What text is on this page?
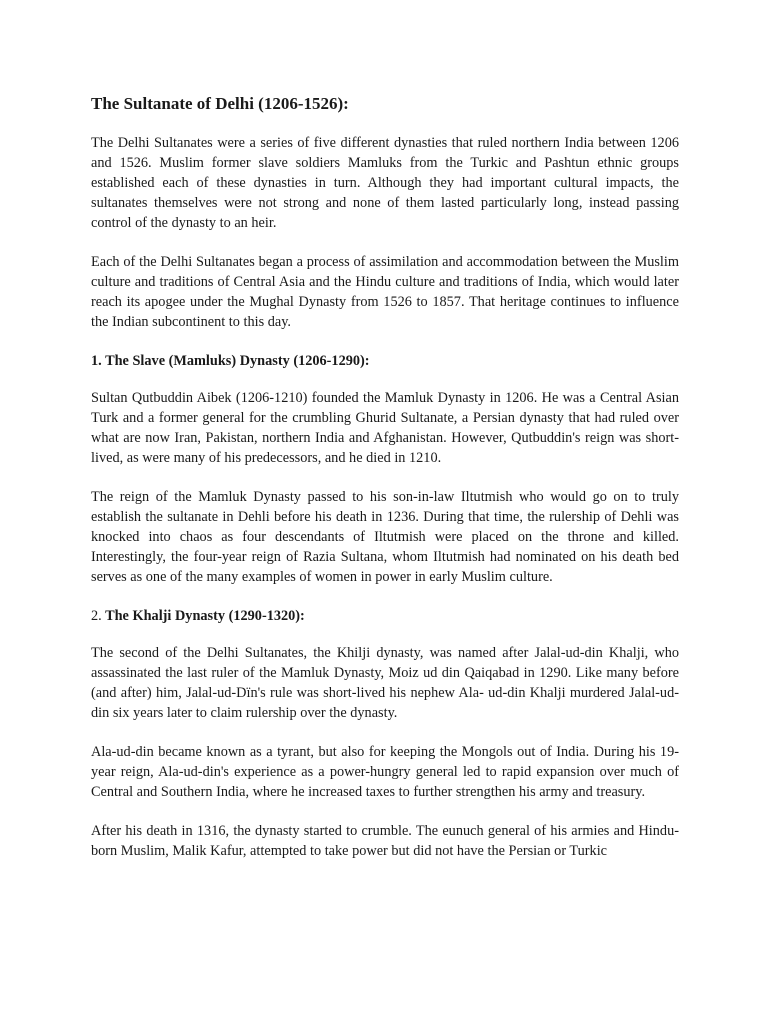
The Sultanate of Delhi (1206-1526):

The Delhi Sultanates were a series of five different dynasties that ruled northern India between 1206 and 1526. Muslim former slave soldiers Mamluks from the Turkic and Pashtun ethnic groups established each of these dynasties in turn. Although they had important cultural impacts, the sultanates themselves were not strong and none of them lasted particularly long, instead passing control of the dynasty to an heir.

Each of the Delhi Sultanates began a process of assimilation and accommodation between the Muslim culture and traditions of Central Asia and the Hindu culture and traditions of India, which would later reach its apogee under the Mughal Dynasty from 1526 to 1857. That heritage continues to influence the Indian subcontinent to this day.

1. The Slave (Mamluks) Dynasty (1206-1290):

Sultan Qutbuddin Aibek (1206-1210) founded the Mamluk Dynasty in 1206. He was a Central Asian Turk and a former general for the crumbling Ghurid Sultanate, a Persian dynasty that had ruled over what are now Iran, Pakistan, northern India and Afghanistan. However, Qutbuddin's reign was short-lived, as were many of his predecessors, and he died in 1210.

The reign of the Mamluk Dynasty passed to his son-in-law Iltutmish who would go on to truly establish the sultanate in Dehli before his death in 1236. During that time, the rulership of Dehli was knocked into chaos as four descendants of Iltutmish were placed on the throne and killed. Interestingly, the four-year reign of Razia Sultana, whom Iltutmish had nominated on his death bed serves as one of the many examples of women in power in early Muslim culture.

2. The Khalji Dynasty (1290-1320):

The second of the Delhi Sultanates, the Khilji dynasty, was named after Jalal-ud-din Khalji, who assassinated the last ruler of the Mamluk Dynasty, Moiz ud din Qaiqabad in 1290. Like many before (and after) him, Jalal-ud-Dïn's rule was short-lived his nephew Ala- ud-din Khalji murdered Jalal-ud-din six years later to claim rulership over the dynasty.

Ala-ud-din became known as a tyrant, but also for keeping the Mongols out of India. During his 19-year reign, Ala-ud-din's experience as a power-hungry general led to rapid expansion over much of Central and Southern India, where he increased taxes to further strengthen his army and treasury.

After his death in 1316, the dynasty started to crumble. The eunuch general of his armies and Hindu-born Muslim, Malik Kafur, attempted to take power but did not have the Persian or Turkic
